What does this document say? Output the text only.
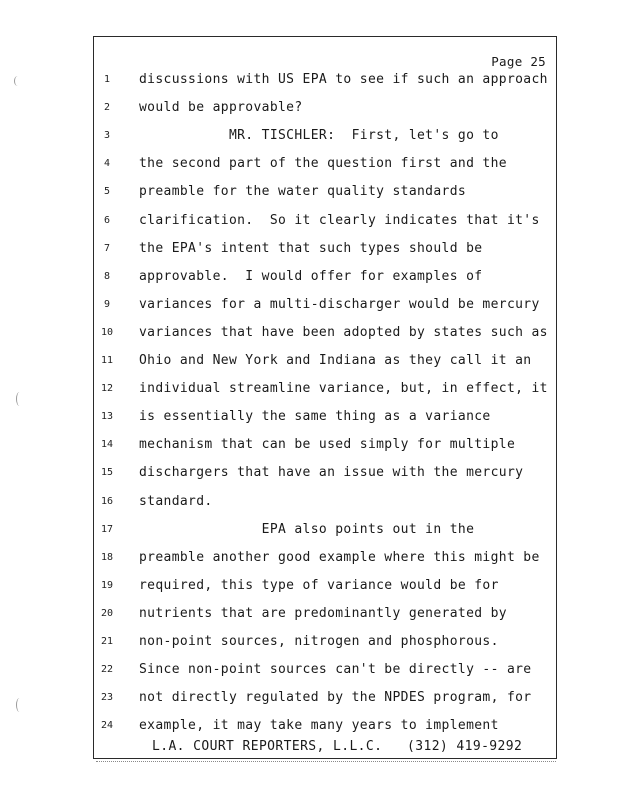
Page 25
1	discussions with US EPA to see if such an approach
2	would be approvable?
3	MR. TISCHLER:  First, let's go to
4	the second part of the question first and the
5	preamble for the water quality standards
6	clarification.  So it clearly indicates that it's
7	the EPA's intent that such types should be
8	approvable.  I would offer for examples of
9	variances for a multi-discharger would be mercury
10 variances that have been adopted by states such as
11 Ohio and New York and Indiana as they call it an
12 individual streamline variance, but, in effect, it
13 is essentially the same thing as a variance
14 mechanism that can be used simply for multiple
15 dischargers that have an issue with the mercury
16 standard.
17 EPA also points out in the
18 preamble another good example where this might be
19 required, this type of variance would be for
20 nutrients that are predominantly generated by
21 non-point sources, nitrogen and phosphorous.
22 Since non-point sources can't be directly -- are
23 not directly regulated by the NPDES program, for
24 example, it may take many years to implement
L.A. COURT REPORTERS, L.L.C.   (312) 419-9292
